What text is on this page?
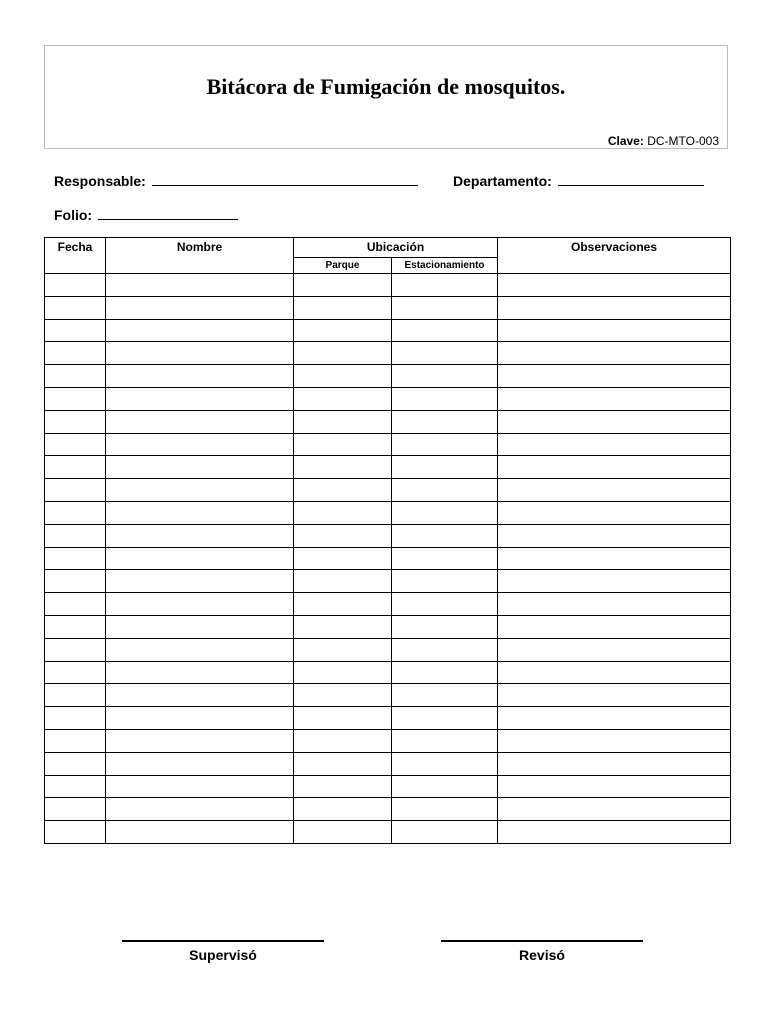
Bitácora de Fumigación de mosquitos.
Clave: DC-MTO-003
Responsable:	Departamento:
Folio:
Fecha	Nombre	Ubicación		Observaciones
		Parque	Estacionamiento	

Supervisó	Revisó
